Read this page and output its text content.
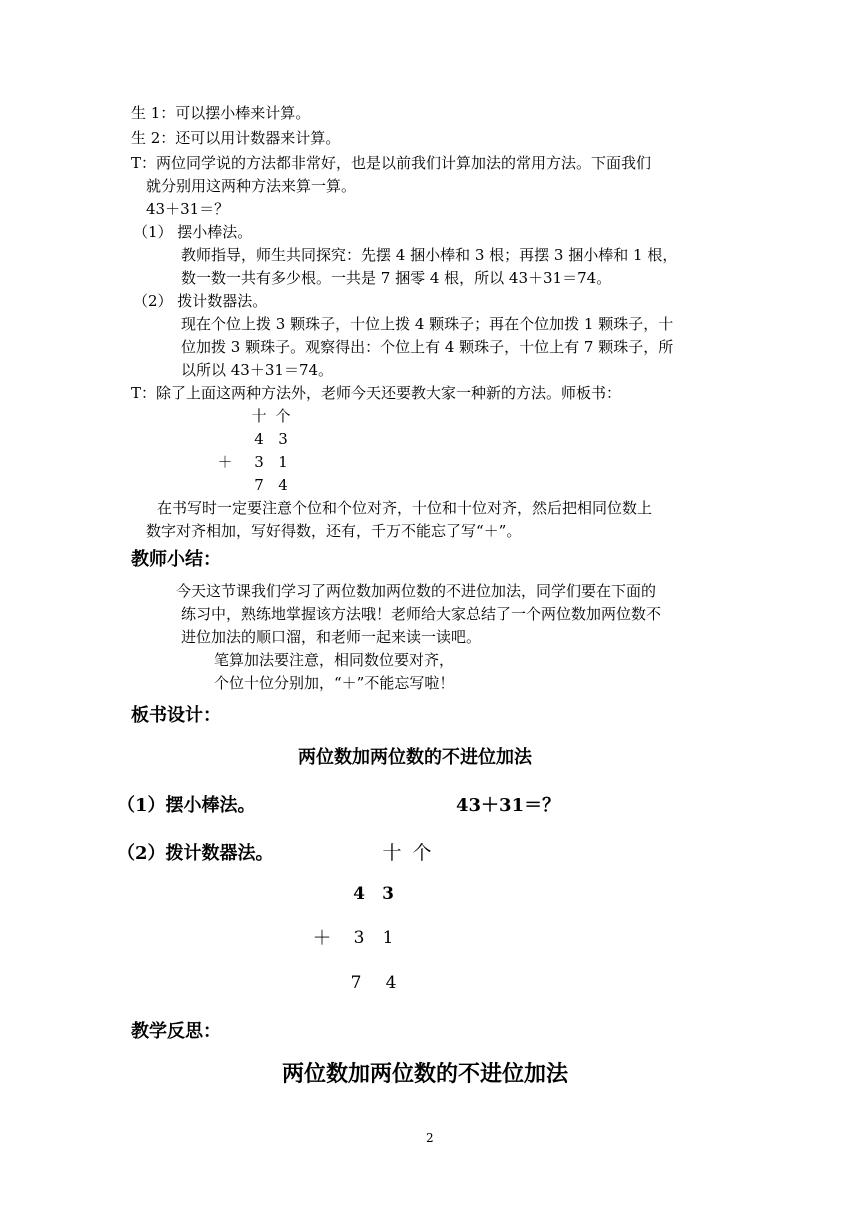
生 1：可以摆小棒来计算。
生 2：还可以用计数器来计算。
T：两位同学说的方法都非常好，也是以前我们计算加法的常用方法。下面我们
就分别用这两种方法来算一算。
43＋31＝？
（1） 摆小棒法。
教师指导，师生共同探究：先摆 4 捆小棒和 3 根；再摆 3 捆小棒和 1 根，
数一数一共有多少根。一共是 7 捆零 4 根，所以 43＋31＝74。
（2） 拨计数器法。
现在个位上拨 3 颗珠子，十位上拨 4 颗珠子；再在个位加拨 1 颗珠子，十
位加拨 3 颗珠子。观察得出：个位上有 4 颗珠子，十位上有 7 颗珠子，所
以所以 43＋31＝74。
T：除了上面这两种方法外，老师今天还要教大家一种新的方法。师板书：
十 个
4 3
＋	3 1
7 4
在书写时一定要注意个位和个位对齐，十位和十位对齐，然后把相同位数上
数字对齐相加，写好得数，还有，千万不能忘了写“＋”。
教师小结：
今天这节课我们学习了两位数加两位数的不进位加法，同学们要在下面的
练习中，熟练地掌握该方法哦！老师给大家总结了一个两位数加两位数不
进位加法的顺口溜，和老师一起来读一读吧。
笔算加法要注意，相同数位要对齐，
个位十位分别加，“＋”不能忘写啦！
板书设计：
两位数加两位数的不进位加法
（1）摆小棒法。	43＋31＝？
（2）拨计数器法。	十 个
4 3
＋	3	1
7	4
教学反思：
两位数加两位数的不进位加法
2
